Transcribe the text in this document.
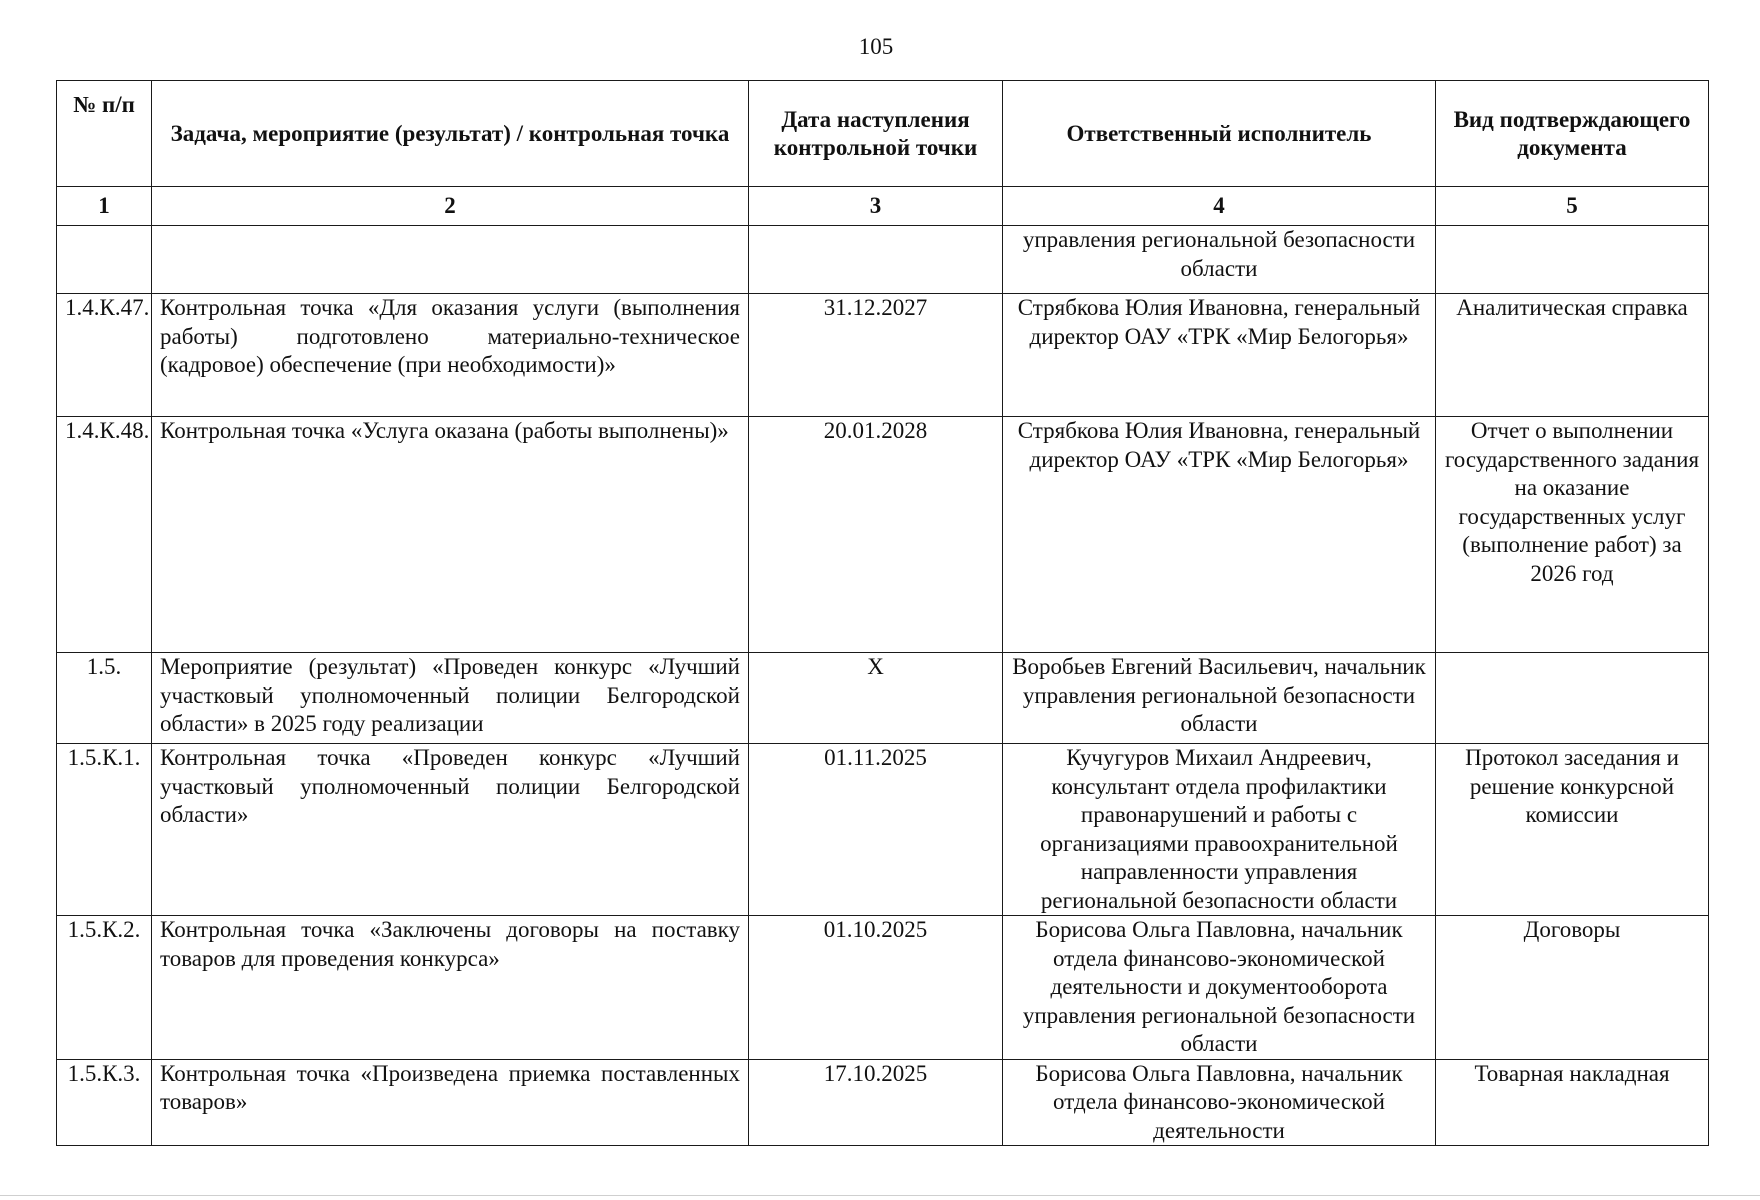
105
№ п/п	Задача, мероприятие (результат) / контрольная точка	Дата наступления контрольной точки	Ответственный исполнитель	Вид подтверждающего документа
1	2	3	4	5
			управления региональной безопасности области	
1.4.К.47.	Контрольная точка «Для оказания услуги (выполнения работы) подготовлено материально-техническое (кадровое) обеспечение (при необходимости)»	31.12.2027	Стрябкова Юлия Ивановна, генеральный директор ОАУ «ТРК «Мир Белогорья»	Аналитическая справка
1.4.К.48.	Контрольная точка «Услуга оказана (работы выполнены)»	20.01.2028	Стрябкова Юлия Ивановна, генеральный директор ОАУ «ТРК «Мир Белогорья»	Отчет о выполнении государственного задания на оказание государственных услуг (выполнение работ) за 2026 год
1.5.	Мероприятие (результат) «Проведен конкурс «Лучший участковый уполномоченный полиции Белгородской области» в 2025 году реализации	X	Воробьев Евгений Васильевич, начальник управления региональной безопасности области	
1.5.К.1.	Контрольная точка «Проведен конкурс «Лучший участковый уполномоченный полиции Белгородской области»	01.11.2025	Кучугуров Михаил Андреевич, консультант отдела профилактики правонарушений и работы с организациями правоохранительной направленности управления региональной безопасности области	Протокол заседания и решение конкурсной комиссии
1.5.К.2.	Контрольная точка «Заключены договоры на поставку товаров для проведения конкурса»	01.10.2025	Борисова Ольга Павловна, начальник отдела финансово-экономической деятельности и документооборота управления региональной безопасности области	Договоры
1.5.К.3.	Контрольная точка «Произведена приемка поставленных товаров»	17.10.2025	Борисова Ольга Павловна, начальник отдела финансово-экономической деятельности	Товарная накладная
